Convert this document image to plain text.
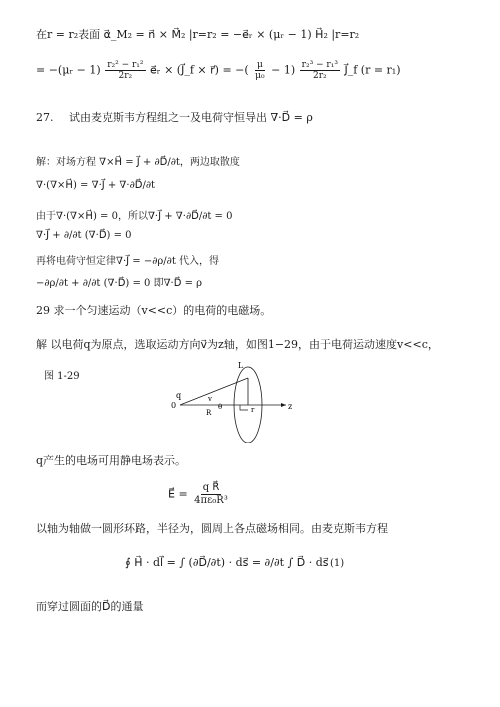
在r = r₂表面 α⃗_M₂ = n⃗ × M⃗₂ |r=r₂ = −e⃗ᵣ × (μᵣ − 1) H⃗₂ |r=r₂
= −(μᵣ − $1) \frac{\text{r₂² − r₁²}}{\text{2r₂}}$ e⃗ᵣ × (J⃗_f × r⃗) = −( $\frac{\mu}{\text{μ₀}} - 1) \frac{\text{r₂³ − r₁³}}{\text{2r₂}}$ J⃗_f (r = r₁)
27. 试由麦克斯韦方程组之一及电荷守恒导出 ∇·D⃗ = ρ
解：对场方程 ∇×H⃗ = J⃗ + ∂D⃗/∂t，两边取散度
∇·(∇×H⃗) = ∇·J⃗ + ∇·∂D⃗/∂t
由于∇·(∇×H⃗) = 0，所以∇·J⃗ + ∇·∂D⃗/∂t = 0
∇·J⃗ + ∂/∂t (∇·D⃗) = 0
再将电荷守恒定律∇·J⃗ = −∂ρ/∂t 代入，得
−∂ρ/∂t + ∂/∂t (∇·D⃗) = 0 即∇·D⃗ = ρ
29 求一个匀速运动（v<<c）的电荷的电磁场。
解 以电荷q为原点，选取运动方向v⃗为z轴，如图1−29，由于电荷运动速度v<<c，
图 1-29
L
q
0
v
θ
R	r	z
q产生的电场可用静电场表示。
E⃗ = $\frac{\text{q R⃗}}{\text{4πε₀R³}}$
以轴为轴做一圆形环路，半径为，圆周上各点磁场相同。由麦克斯韦方程
∮ H⃗ · dl⃗ = ∫ (∂D⃗/∂t) · ds⃗ = ∂/∂t ∫ D⃗ · ds⃗ (1)
而穿过圆面的D⃗的通量
